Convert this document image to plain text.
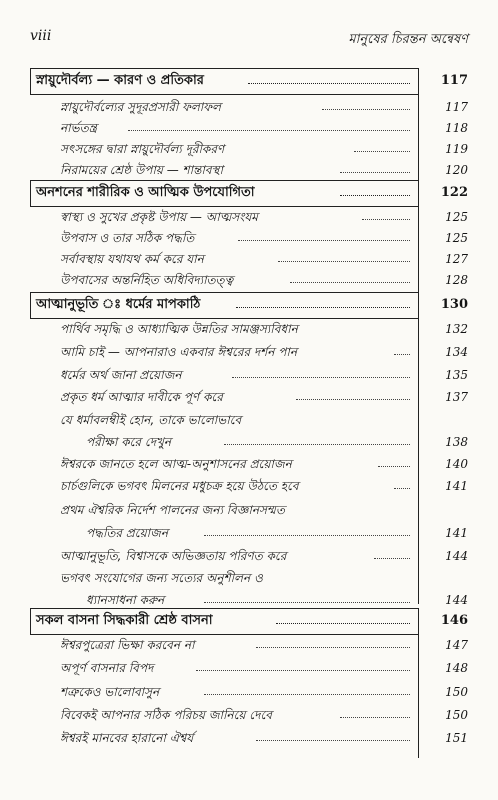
viii	মানুষের চিরন্তন অন্বেষণ
স্নায়ুদৌর্বল্য — কারণ ও প্রতিকার	117
স্নায়ুদৌর্বল্যের সুদূরপ্রসারী ফলাফল	117
নার্ভতন্ত্র	118
সৎসঙ্গের দ্বারা স্নায়ুদৌর্বল্য দূরীকরণ	119
নিরাময়ের শ্রেষ্ঠ উপায় — শান্তাবস্থা	120
অনশনের শারীরিক ও আত্মিক উপযোগিতা	122
স্বাস্থ্য ও সুখের প্রকৃষ্ট উপায় — আত্মসংযম	125
উপবাস ও তার সঠিক পদ্ধতি	125
সর্বাবস্থায় যথাযথ কর্ম করে যান	127
উপবাসের অন্তর্নিহিত অধিবিদ্যাতত্ত্ব	128
আত্মানুভূতি ঃ ধর্মের মাপকাঠি	130
পার্থিব সমৃদ্ধি ও আধ্যাত্মিক উন্নতির সামঞ্জস্যবিধান	132
আমি চাই — আপনারাও একবার ঈশ্বরের দর্শন পান	134
ধর্মের অর্থ জানা প্রয়োজন	135
প্রকৃত ধর্ম আত্মার দাবীকে পূর্ণ করে	137
যে ধর্মাবলম্বীই হোন, তাকে ভালোভাবে
পরীক্ষা করে দেখুন	138
ঈশ্বরকে জানতে হলে আত্ম-অনুশাসনের প্রয়োজন	140
চার্চগুলিকে ভগবৎ মিলনের মধুচক্র হয়ে উঠতে হবে	141
প্রথম ঐশ্বরিক নির্দেশ পালনের জন্য বিজ্ঞানসম্মত
পদ্ধতির প্রয়োজন	141
আত্মানুভূতি, বিশ্বাসকে অভিজ্ঞতায় পরিণত করে	144
ভগবৎ সংযোগের জন্য সত্যের অনুশীলন ও
ধ্যানসাধনা করুন	144
সকল বাসনা সিদ্ধকারী শ্রেষ্ঠ বাসনা	146
ঈশ্বরপুত্রেরা ভিক্ষা করবেন না	147
অপূর্ণ বাসনার বিপদ	148
শত্রুকেও ভালোবাসুন	150
বিবেকই আপনার সঠিক পরিচয় জানিয়ে দেবে	150
ঈশ্বরই মানবের হারানো ঐশ্বর্য	151
